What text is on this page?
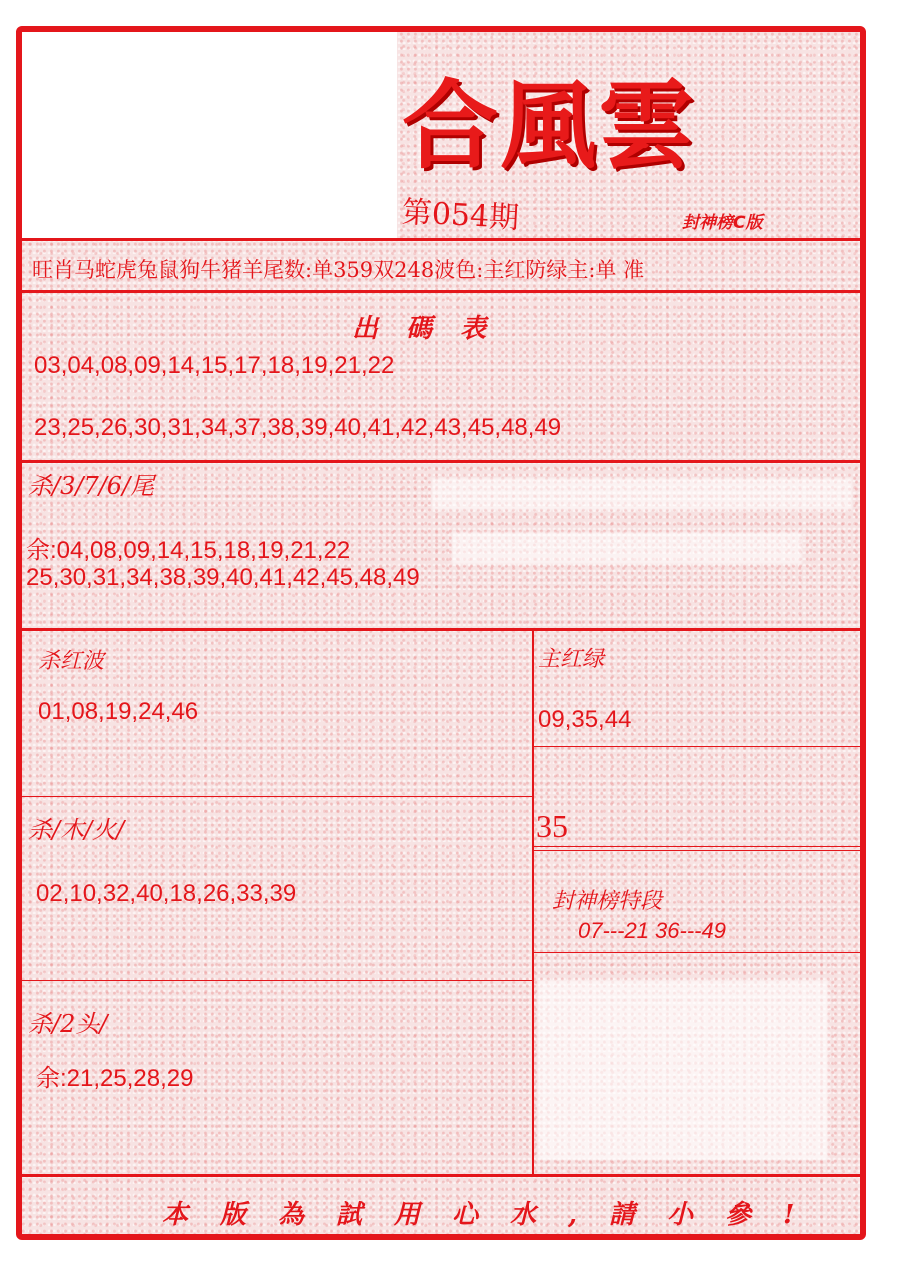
合風雲
第054期	封神榜C版
旺肖马蛇虎兔鼠狗牛猪羊尾数:单359双248波色:主红防绿主:单 准
出碼表
03,04,08,09,14,15,17,18,19,21,22
23,25,26,30,31,34,37,38,39,40,41,42,43,45,48,49
杀/3/7/6/尾
余:04,08,09,14,15,18,19,21,22
25,30,31,34,38,39,40,41,42,45,48,49
杀红波
01,08,19,24,46
杀/木/火/
02,10,32,40,18,26,33,39
杀/2头/
余:21,25,28,29
主红绿
09,35,44
35
封神榜特段
07---21 36---49
本版為試用心水,請小參!
